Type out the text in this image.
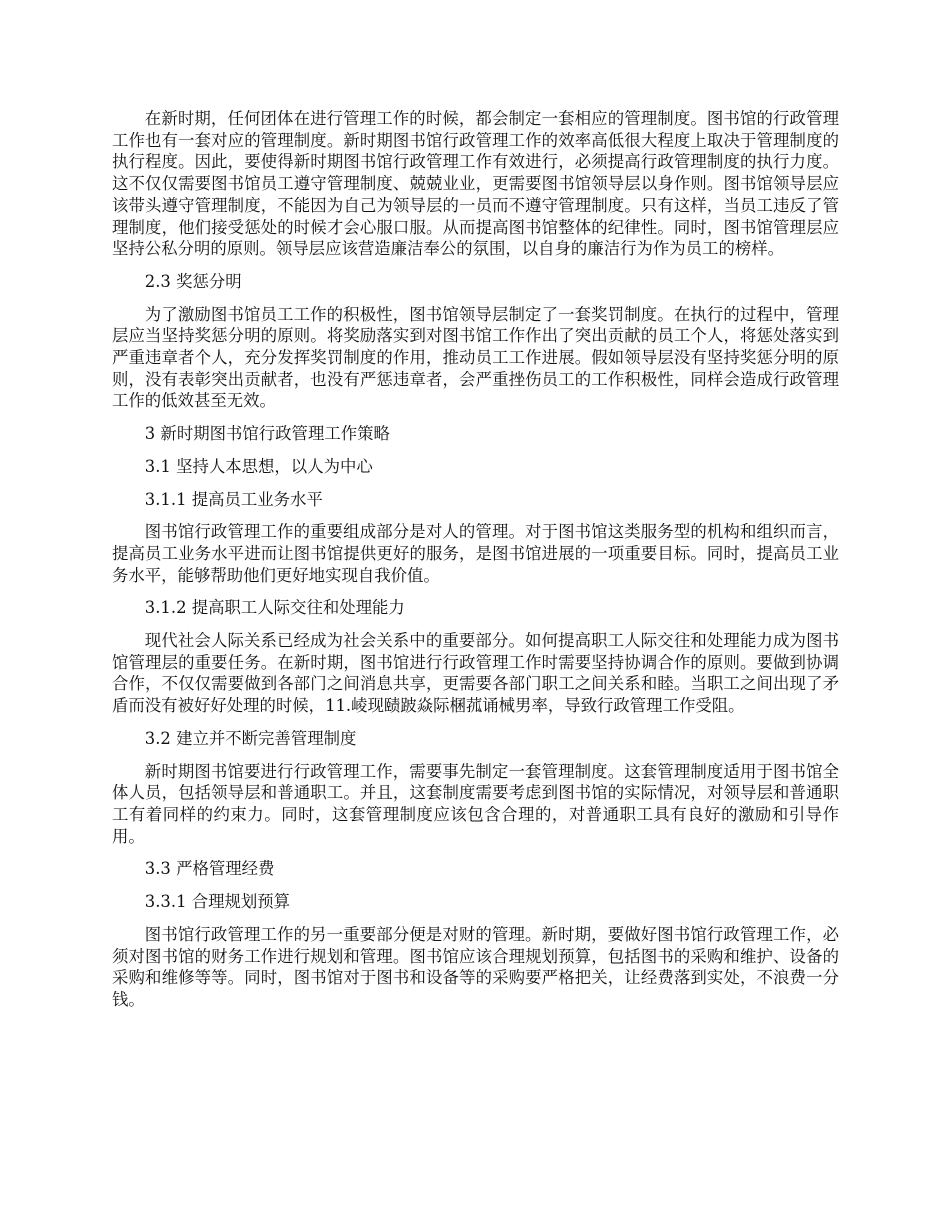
在新时期，任何团体在进行管理工作的时候，都会制定一套相应的管理制度。图书馆的行政管理工作也有一套对应的管理制度。新时期图书馆行政管理工作的效率高低很大程度上取决于管理制度的执行程度。因此，要使得新时期图书馆行政管理工作有效进行，必须提高行政管理制度的执行力度。这不仅仅需要图书馆员工遵守管理制度、兢兢业业，更需要图书馆领导层以身作则。图书馆领导层应该带头遵守管理制度，不能因为自己为领导层的一员而不遵守管理制度。只有这样，当员工违反了管理制度，他们接受惩处的时候才会心服口服。从而提高图书馆整体的纪律性。同时，图书馆管理层应坚持公私分明的原则。领导层应该营造廉洁奉公的氛围，以自身的廉洁行为作为员工的榜样。

2.3 奖惩分明

为了激励图书馆员工工作的积极性，图书馆领导层制定了一套奖罚制度。在执行的过程中，管理层应当坚持奖惩分明的原则。将奖励落实到对图书馆工作作出了突出贡献的员工个人，将惩处落实到严重违章者个人，充分发挥奖罚制度的作用，推动员工工作进展。假如领导层没有坚持奖惩分明的原则，没有表彰突出贡献者，也没有严惩违章者，会严重挫伤员工的工作积极性，同样会造成行政管理工作的低效甚至无效。

3 新时期图书馆行政管理工作策略

3.1 坚持人本思想，以人为中心

3.1.1 提高员工业务水平

图书馆行政管理工作的重要组成部分是对人的管理。对于图书馆这类服务型的机构和组织而言，提高员工业务水平进而让图书馆提供更好的服务，是图书馆进展的一项重要目标。同时，提高员工业务水平，能够帮助他们更好地实现自我价值。

3.1.2 提高职工人际交往和处理能力

现代社会人际关系已经成为社会关系中的重要部分。如何提高职工人际交往和处理能力成为图书馆管理层的重要任务。在新时期，图书馆进行行政管理工作时需要坚持协调合作的原则。要做到协调合作，不仅仅需要做到各部门之间消息共享，更需要各部门职工之间关系和睦。当职工之间出现了矛盾而没有被好好处理的时候，11.崚现赜跛焱际棞菰诵械男率，导致行政管理工作受阻。

3.2 建立并不断完善管理制度

新时期图书馆要进行行政管理工作，需要事先制定一套管理制度。这套管理制度适用于图书馆全体人员，包括领导层和普通职工。并且，这套制度需要考虑到图书馆的实际情况，对领导层和普通职工有着同样的约束力。同时，这套管理制度应该包含合理的，对普通职工具有良好的激励和引导作用。

3.3 严格管理经费

3.3.1 合理规划预算

图书馆行政管理工作的另一重要部分便是对财的管理。新时期，要做好图书馆行政管理工作，必须对图书馆的财务工作进行规划和管理。图书馆应该合理规划预算，包括图书的采购和维护、设备的采购和维修等等。同时，图书馆对于图书和设备等的采购要严格把关，让经费落到实处，不浪费一分钱。
